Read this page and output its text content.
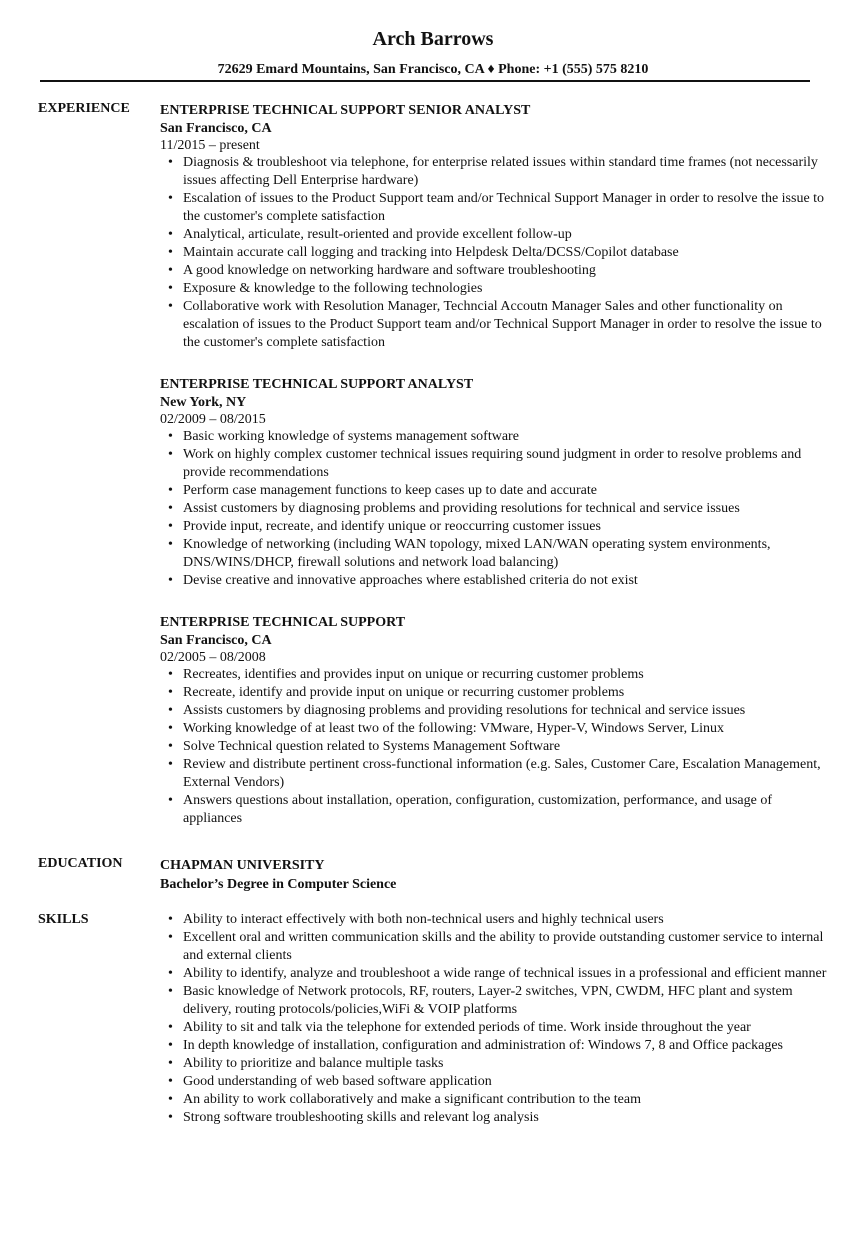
Arch Barrows
72629 Emard Mountains, San Francisco, CA ♦ Phone: +1 (555) 575 8210
EXPERIENCE
EDUCATION
SKILLS
ENTERPRISE TECHNICAL SUPPORT SENIOR ANALYST
San Francisco, CA
11/2015 – present
• Diagnosis & troubleshoot via telephone, for enterprise related issues within standard time frames (not necessarily issues affecting Dell Enterprise hardware)
• Escalation of issues to the Product Support team and/or Technical Support Manager in order to resolve the issue to the customer's complete satisfaction
• Analytical, articulate, result-oriented and provide excellent follow-up
• Maintain accurate call logging and tracking into Helpdesk Delta/DCSS/Copilot database
• A good knowledge on networking hardware and software troubleshooting
• Exposure & knowledge to the following technologies
• Collaborative work with Resolution Manager, Techncial Accoutn Manager Sales and other functionality on escalation of issues to the Product Support team and/or Technical Support Manager in order to resolve the issue to the customer's complete satisfaction
ENTERPRISE TECHNICAL SUPPORT ANALYST
New York, NY
02/2009 – 08/2015
• Basic working knowledge of systems management software
• Work on highly complex customer technical issues requiring sound judgment in order to resolve problems and provide recommendations
• Perform case management functions to keep cases up to date and accurate
• Assist customers by diagnosing problems and providing resolutions for technical and service issues
• Provide input, recreate, and identify unique or reoccurring customer issues
• Knowledge of networking (including WAN topology, mixed LAN/WAN operating system environments, DNS/WINS/DHCP, firewall solutions and network load balancing)
• Devise creative and innovative approaches where established criteria do not exist
ENTERPRISE TECHNICAL SUPPORT
San Francisco, CA
02/2005 – 08/2008
• Recreates, identifies and provides input on unique or recurring customer problems
• Recreate, identify and provide input on unique or recurring customer problems
• Assists customers by diagnosing problems and providing resolutions for technical and service issues
• Working knowledge of at least two of the following: VMware, Hyper-V, Windows Server, Linux
• Solve Technical question related to Systems Management Software
• Review and distribute pertinent cross-functional information (e.g. Sales, Customer Care, Escalation Management, External Vendors)
• Answers questions about installation, operation, configuration, customization, performance, and usage of appliances
CHAPMAN UNIVERSITY
Bachelor’s Degree in Computer Science
• Ability to interact effectively with both non-technical users and highly technical users
• Excellent oral and written communication skills and the ability to provide outstanding customer service to internal and external clients
• Ability to identify, analyze and troubleshoot a wide range of technical issues in a professional and efficient manner
• Basic knowledge of Network protocols, RF, routers, Layer-2 switches, VPN, CWDM, HFC plant and system delivery, routing protocols/policies,WiFi & VOIP platforms
• Ability to sit and talk via the telephone for extended periods of time. Work inside throughout the year
• In depth knowledge of installation, configuration and administration of: Windows 7, 8 and Office packages
• Ability to prioritize and balance multiple tasks
• Good understanding of web based software application
• An ability to work collaboratively and make a significant contribution to the team
• Strong software troubleshooting skills and relevant log analysis
